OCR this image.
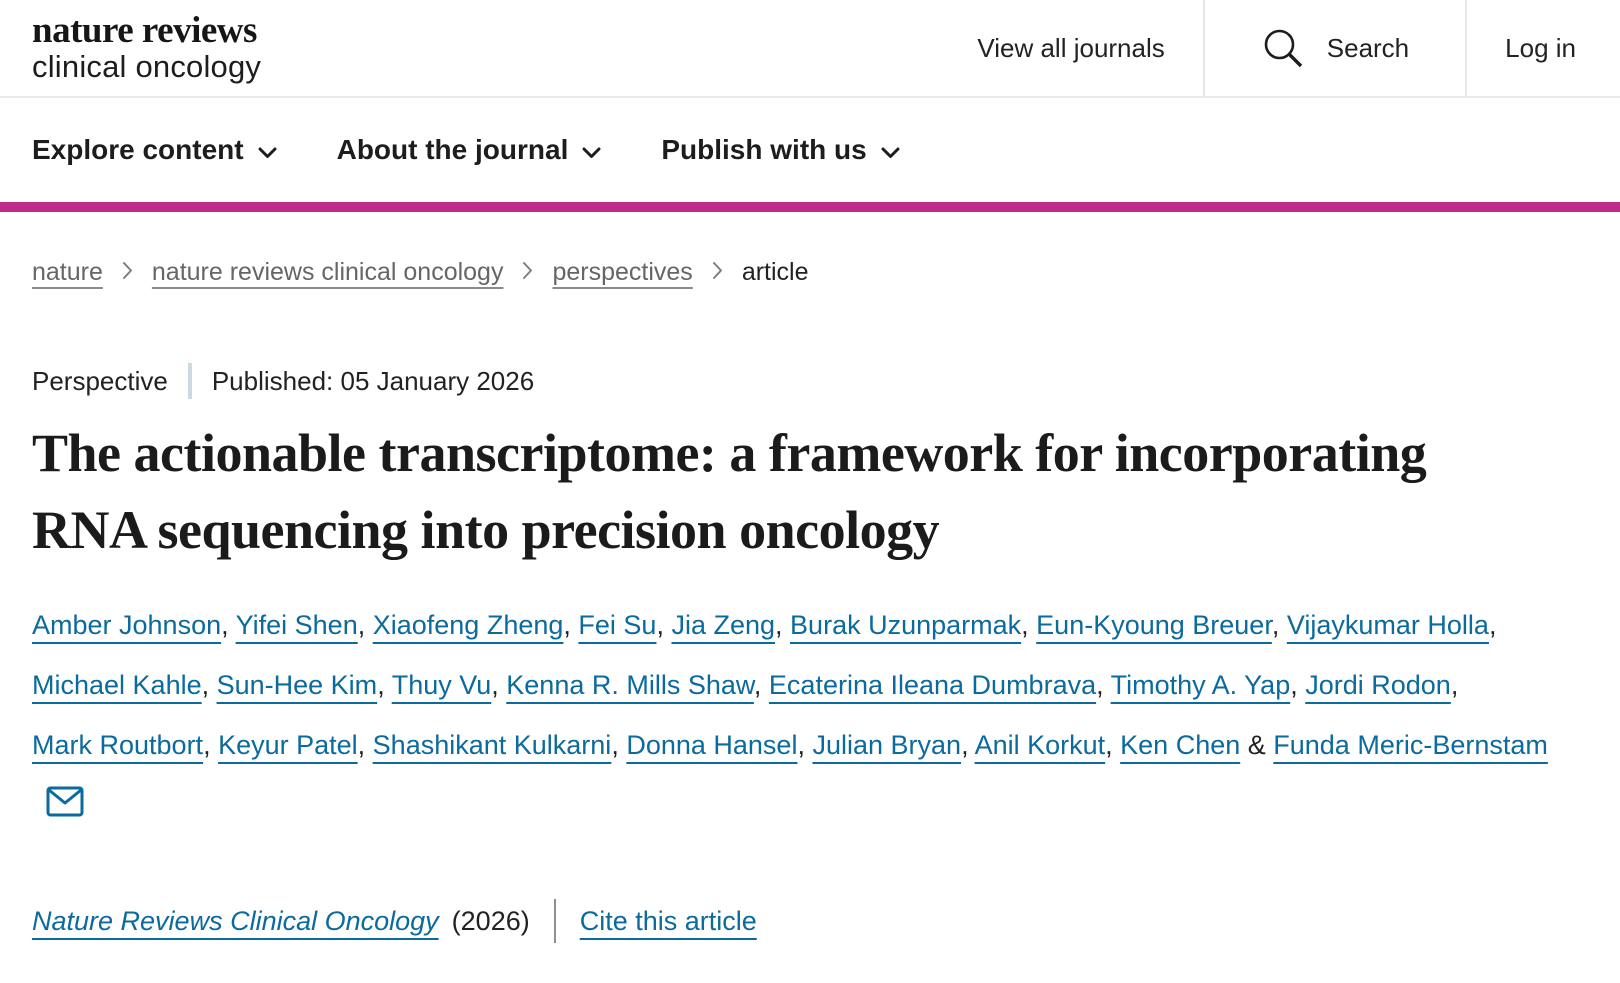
nature reviews
clinical oncology
View all journals	Search	Log in
Explore content	About the journal	Publish with us
nature nature reviews clinical oncology perspectives article
Perspective Published: 05 January 2026
The actionable transcriptome: a framework for incorporating RNA sequencing into precision oncology

Amber Johnson, Yifei Shen, Xiaofeng Zheng, Fei Su, Jia Zeng, Burak Uzunparmak, Eun-Kyoung Breuer, Vijaykumar Holla, Michael Kahle, Sun-Hee Kim, Thuy Vu, Kenna R. Mills Shaw, Ecaterina Ileana Dumbrava, Timothy A. Yap, Jordi Rodon, Mark Routbort, Keyur Patel, Shashikant Kulkarni, Donna Hansel, Julian Bryan, Anil Korkut, Ken Chen & Funda Meric-Bernstam

Nature Reviews Clinical Oncology (2026) Cite this article
